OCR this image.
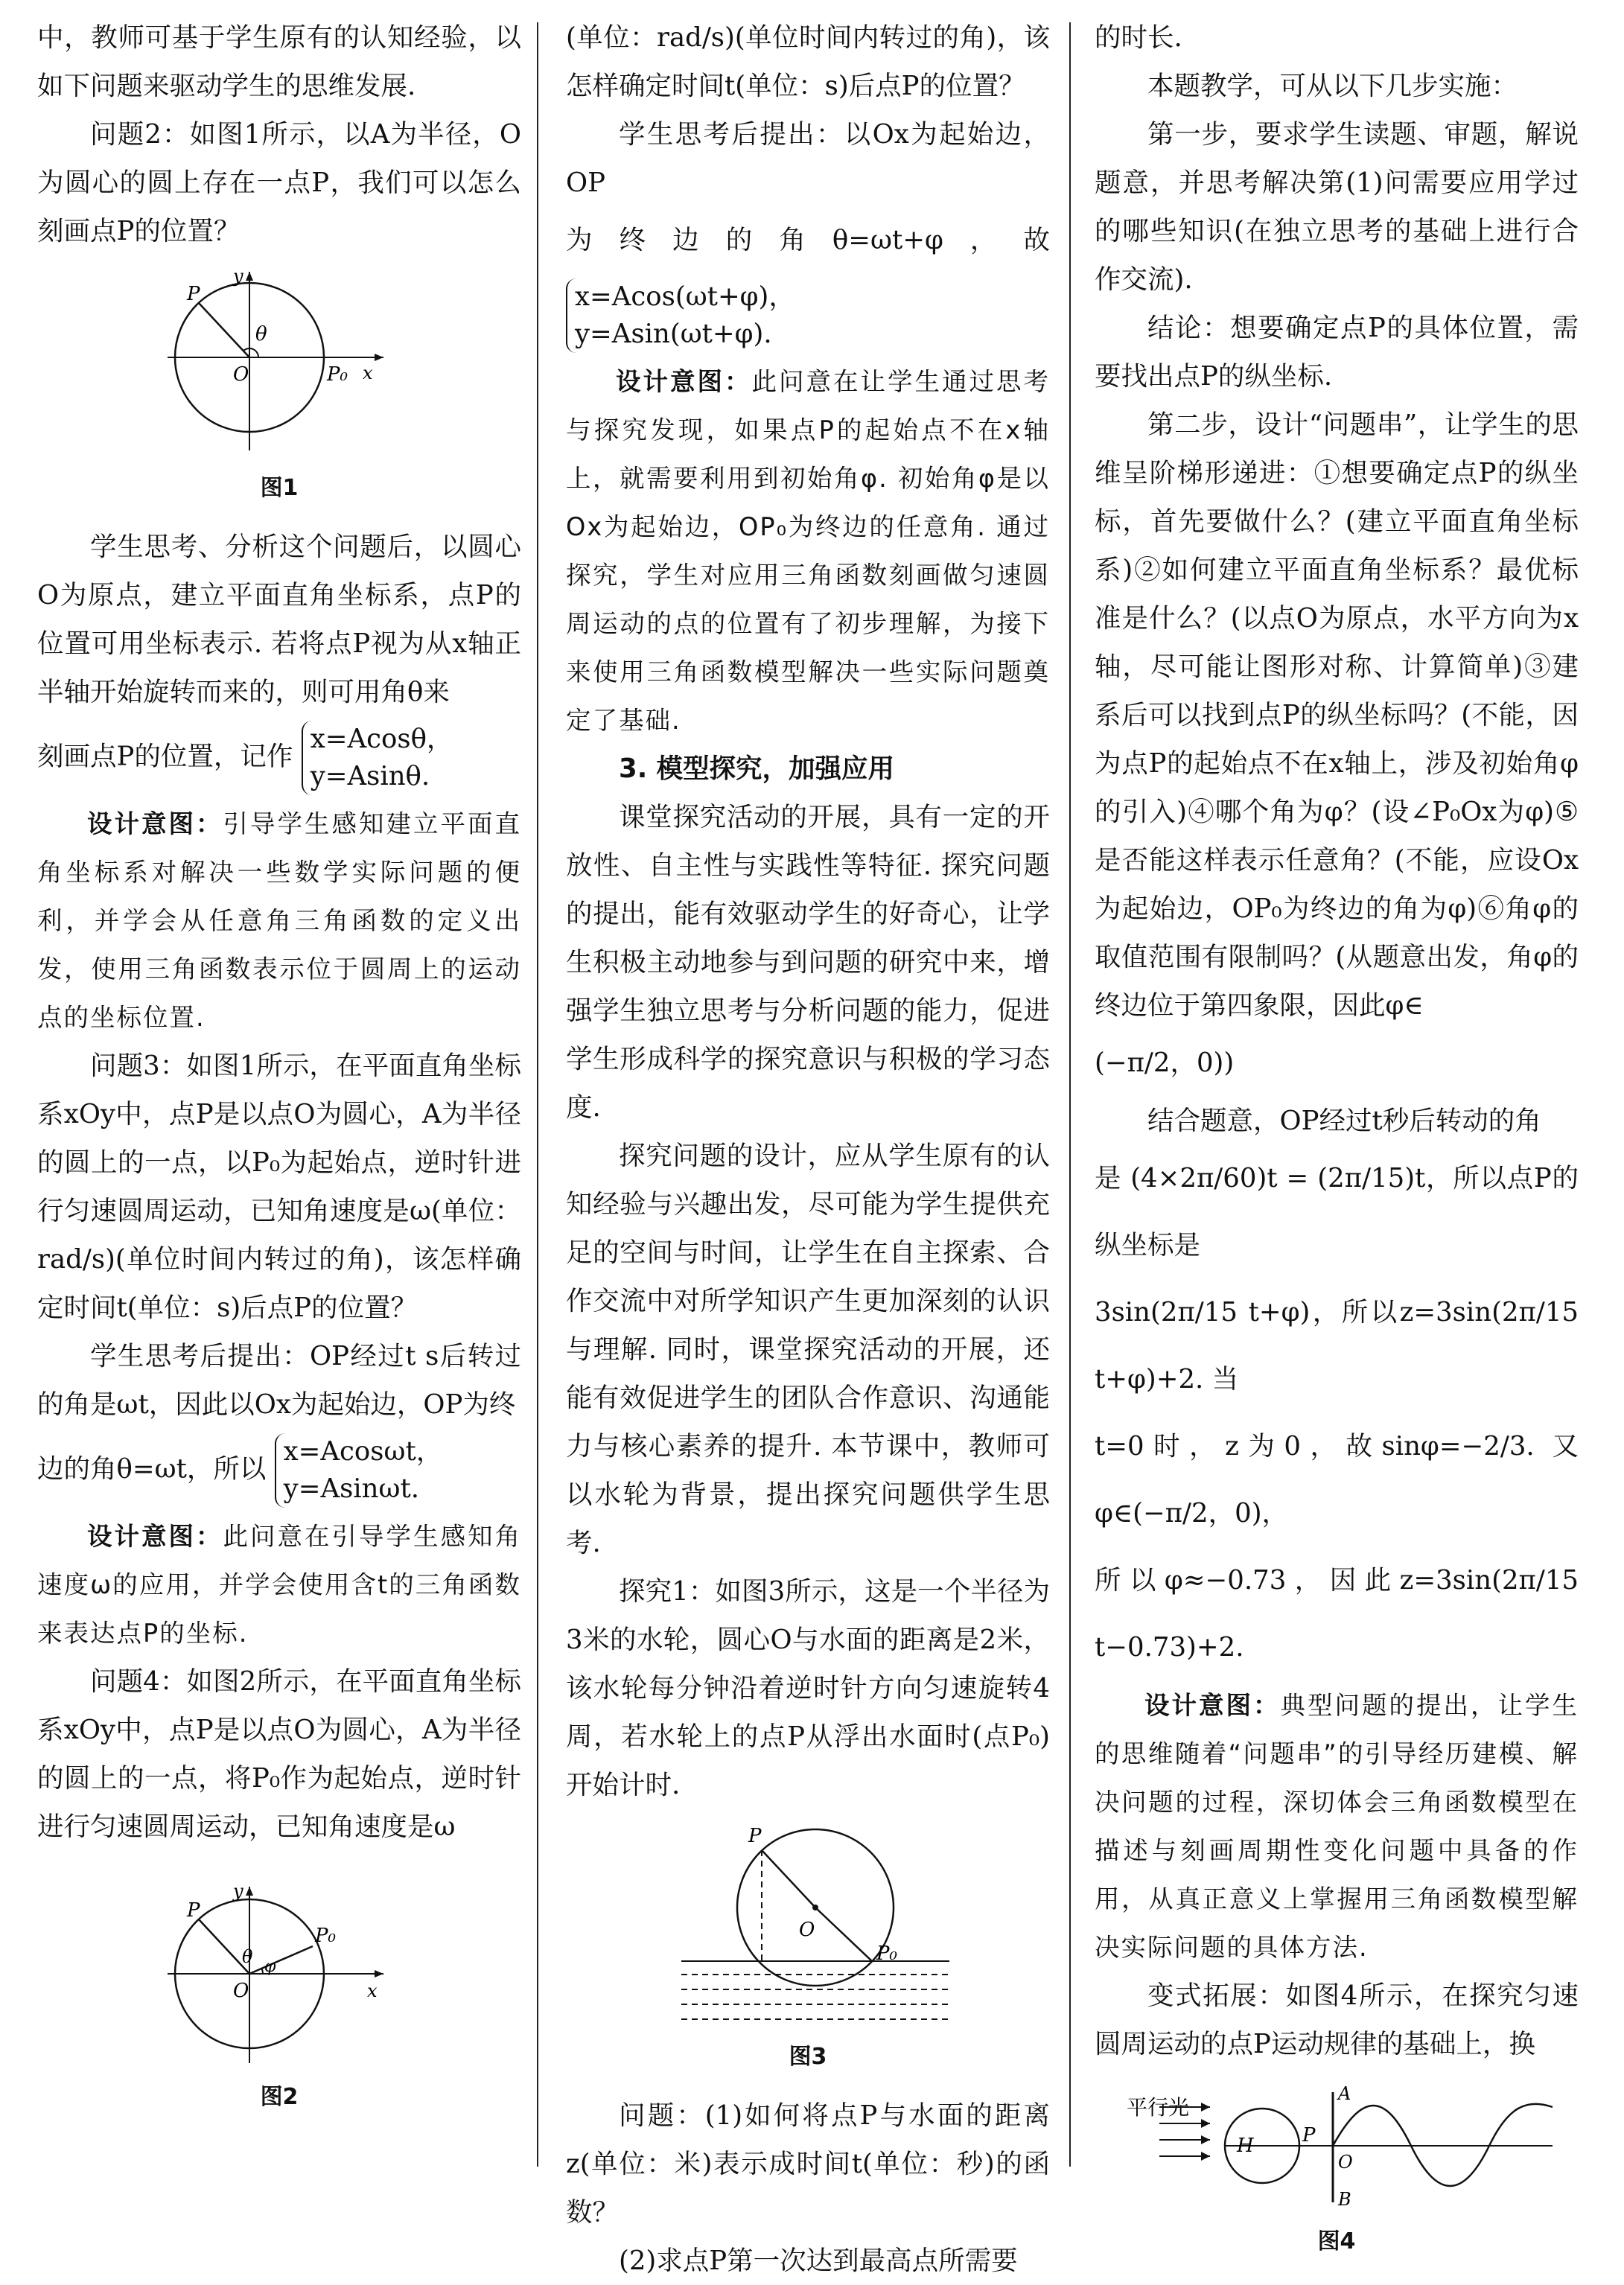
中，教师可基于学生原有的认知经验，以如下问题来驱动学生的思维发展.

问题2：如图1所示，以A为半径，O为圆心的圆上存在一点P，我们可以怎么刻画点P的位置？

P
O
θ
P₀ x
y
图1

学生思考、分析这个问题后，以圆心O为原点，建立平面直角坐标系，点P的位置可用坐标表示. 若将点P视为从x轴正半轴开始旋转而来的，则可用角θ来

刻画点P的位置，记作
x=Acosθ，
y=Asinθ.

设计意图：引导学生感知建立平面直角坐标系对解决一些数学实际问题的便利，并学会从任意角三角函数的定义出发，使用三角函数表示位于圆周上的运动点的坐标位置.

问题3：如图1所示，在平面直角坐标系xOy中，点P是以点O为圆心，A为半径的圆上的一点，以P₀为起始点，逆时针进行匀速圆周运动，已知角速度是ω(单位：rad/s)(单位时间内转过的角)，该怎样确定时间t(单位：s)后点P的位置？

学生思考后提出：OP经过t s后转过的角是ωt，因此以Ox为起始边，OP为终

边的角θ=ωt，所以
x=Acosωt，
y=Asinωt.

设计意图：此问意在引导学生感知角速度ω的应用，并学会使用含t的三角函数来表达点P的坐标.

问题4：如图2所示，在平面直角坐标系xOy中，点P是以点O为圆心，A为半径的圆上的一点，将P₀作为起始点，逆时针进行匀速圆周运动，已知角速度是ω

P
O
θ φ
P₀
x
y
图2

(单位：rad/s)(单位时间内转过的角)，该怎样确定时间t(单位：s)后点P的位置？

学生思考后提出：以Ox为起始边，OP

为终边的角θ=ωt+φ，故
x=Acos(ωt+φ)，
y=Asin(ωt+φ).

设计意图：此问意在让学生通过思考与探究发现，如果点P的起始点不在x轴上，就需要利用到初始角φ. 初始角φ是以Ox为起始边，OP₀为终边的任意角. 通过探究，学生对应用三角函数刻画做匀速圆周运动的点的位置有了初步理解，为接下来使用三角函数模型解决一些实际问题奠定了基础.

3. 模型探究，加强应用

课堂探究活动的开展，具有一定的开放性、自主性与实践性等特征. 探究问题的提出，能有效驱动学生的好奇心，让学生积极主动地参与到问题的研究中来，增强学生独立思考与分析问题的能力，促进学生形成科学的探究意识与积极的学习态度.

探究问题的设计，应从学生原有的认知经验与兴趣出发，尽可能为学生提供充足的空间与时间，让学生在自主探索、合作交流中对所学知识产生更加深刻的认识与理解. 同时，课堂探究活动的开展，还能有效促进学生的团队合作意识、沟通能力与核心素养的提升. 本节课中，教师可以水轮为背景，提出探究问题供学生思考.

探究1：如图3所示，这是一个半径为3米的水轮，圆心O与水面的距离是2米，该水轮每分钟沿着逆时针方向匀速旋转4周，若水轮上的点P从浮出水面时(点P₀)开始计时.

P
O
P₀
图3

问题：(1)如何将点P与水面的距离z(单位：米)表示成时间t(单位：秒)的函数？

(2)求点P第一次达到最高点所需要

的时长.

本题教学，可从以下几步实施：

第一步，要求学生读题、审题，解说题意，并思考解决第(1)问需要应用学过的哪些知识(在独立思考的基础上进行合作交流).

结论：想要确定点P的具体位置，需要找出点P的纵坐标.

第二步，设计“问题串”，让学生的思维呈阶梯形递进：①想要确定点P的纵坐标，首先要做什么？(建立平面直角坐标系)②如何建立平面直角坐标系？最优标准是什么？(以点O为原点，水平方向为x轴，尽可能让图形对称、计算简单)③建系后可以找到点P的纵坐标吗？(不能，因为点P的起始点不在x轴上，涉及初始角φ的引入)④哪个角为φ？(设∠P₀Ox为φ)⑤是否能这样表示任意角？(不能，应设Ox为起始边，OP₀为终边的角为φ)⑥角φ的取值范围有限制吗？(从题意出发，角φ的终边位于第四象限，因此φ∈

(−π/2，0))

结合题意，OP经过t秒后转动的角

是 (4×2π/60)t = (2π/15)t，所以点P的纵坐标是

3sin(2π/15 t+φ)，所以z=3sin(2π/15 t+φ)+2. 当

t=0时，z为0，故sinφ=−2/3. 又φ∈(−π/2，0)，

所以φ≈−0.73，因此z=3sin(2π/15 t−0.73)+2.

设计意图：典型问题的提出，让学生的思维随着“问题串”的引导经历建模、解决问题的过程，深切体会三角函数模型在描述与刻画周期性变化问题中具备的作用，从真正意义上掌握用三角函数模型解决实际问题的具体方法.

变式拓展：如图4所示，在探究匀速圆周运动的点P运动规律的基础上，换

平行光
H	P
A
O
B
图4
